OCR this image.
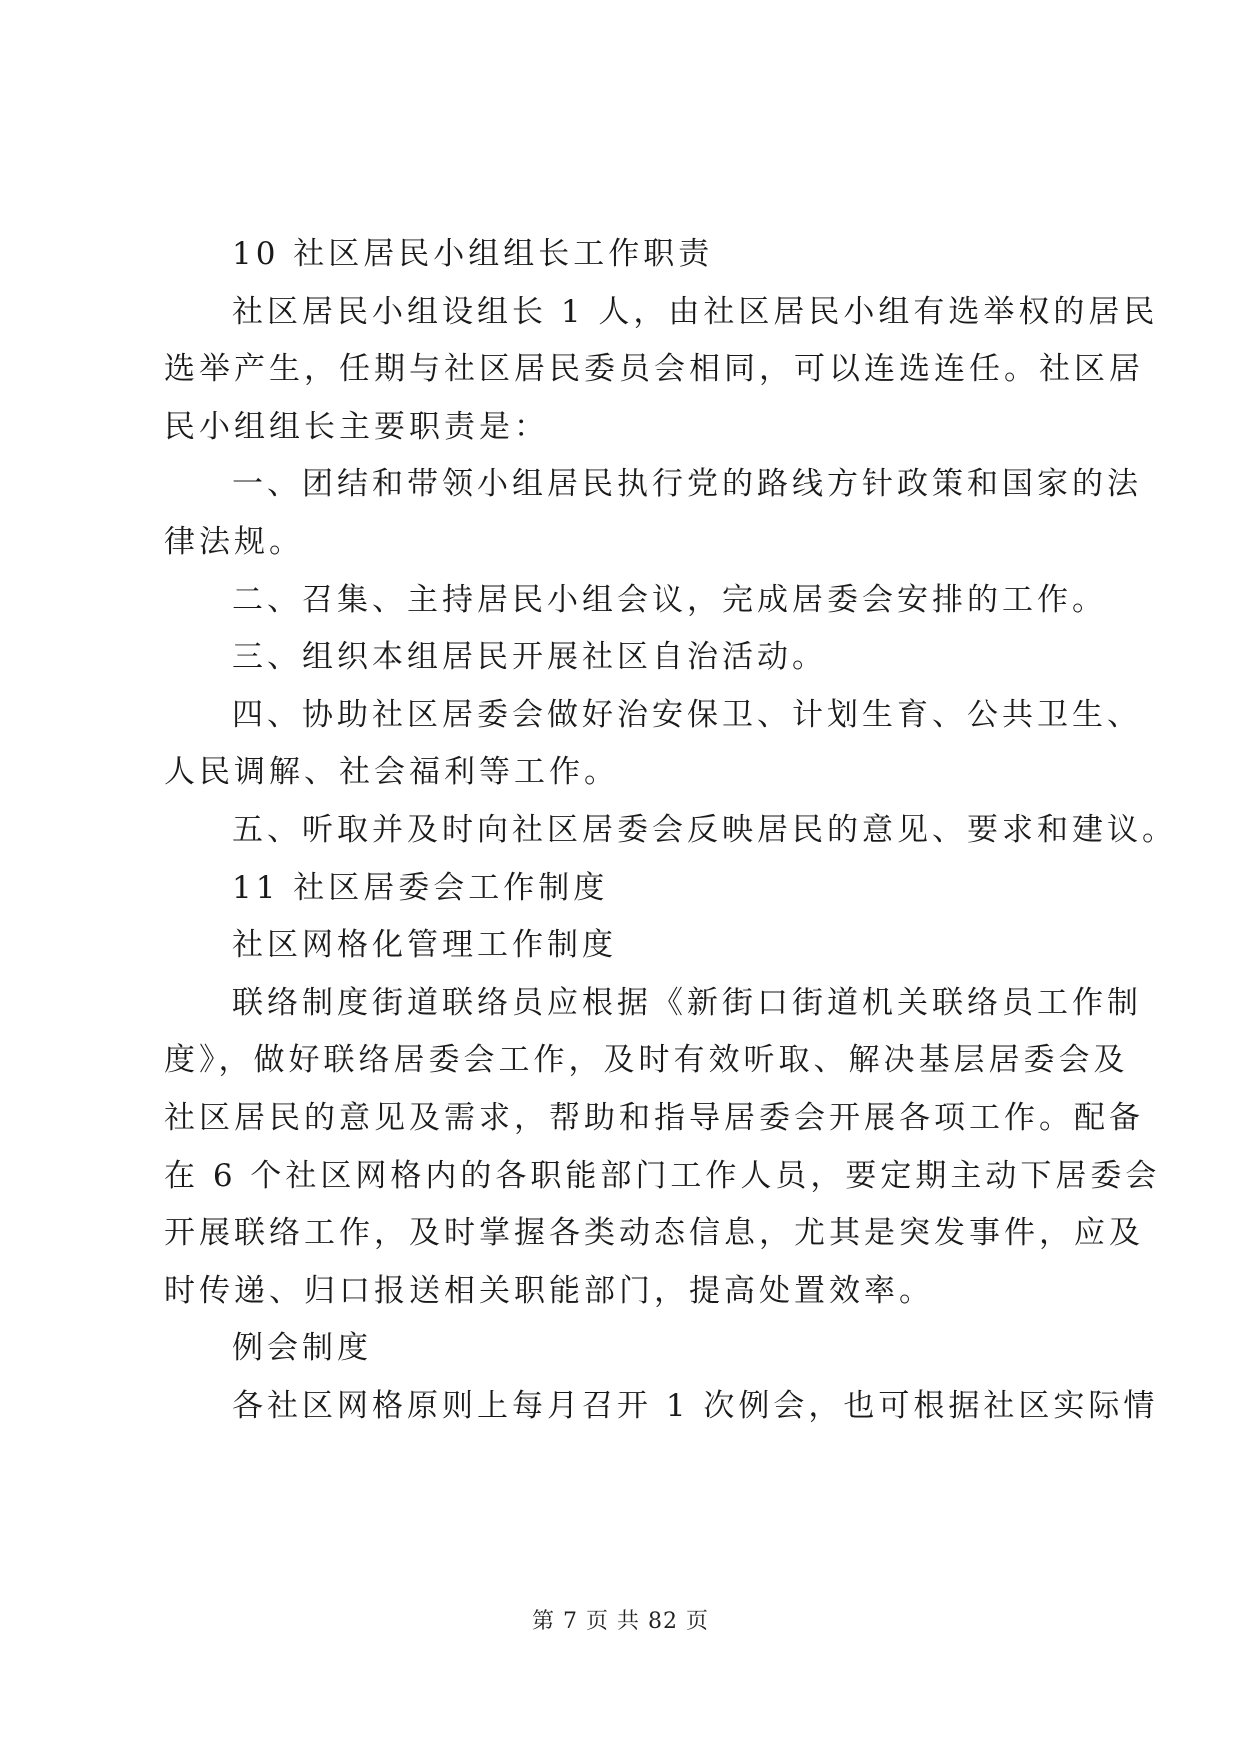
10 社区居民小组组长工作职责
社区居民小组设组长 1 人，由社区居民小组有选举权的居民
选举产生，任期与社区居民委员会相同，可以连选连任。社区居
民小组组长主要职责是：
一、团结和带领小组居民执行党的路线方针政策和国家的法
律法规。
二、召集、主持居民小组会议，完成居委会安排的工作。
三、组织本组居民开展社区自治活动。
四、协助社区居委会做好治安保卫、计划生育、公共卫生、
人民调解、社会福利等工作。
五、听取并及时向社区居委会反映居民的意见、要求和建议。
11 社区居委会工作制度
社区网格化管理工作制度
联络制度街道联络员应根据《新街口街道机关联络员工作制
度》，做好联络居委会工作，及时有效听取、解决基层居委会及
社区居民的意见及需求，帮助和指导居委会开展各项工作。配备
在 6 个社区网格内的各职能部门工作人员，要定期主动下居委会
开展联络工作，及时掌握各类动态信息，尤其是突发事件，应及
时传递、归口报送相关职能部门，提高处置效率。
例会制度
各社区网格原则上每月召开 1 次例会，也可根据社区实际情
第 7 页 共 82 页
